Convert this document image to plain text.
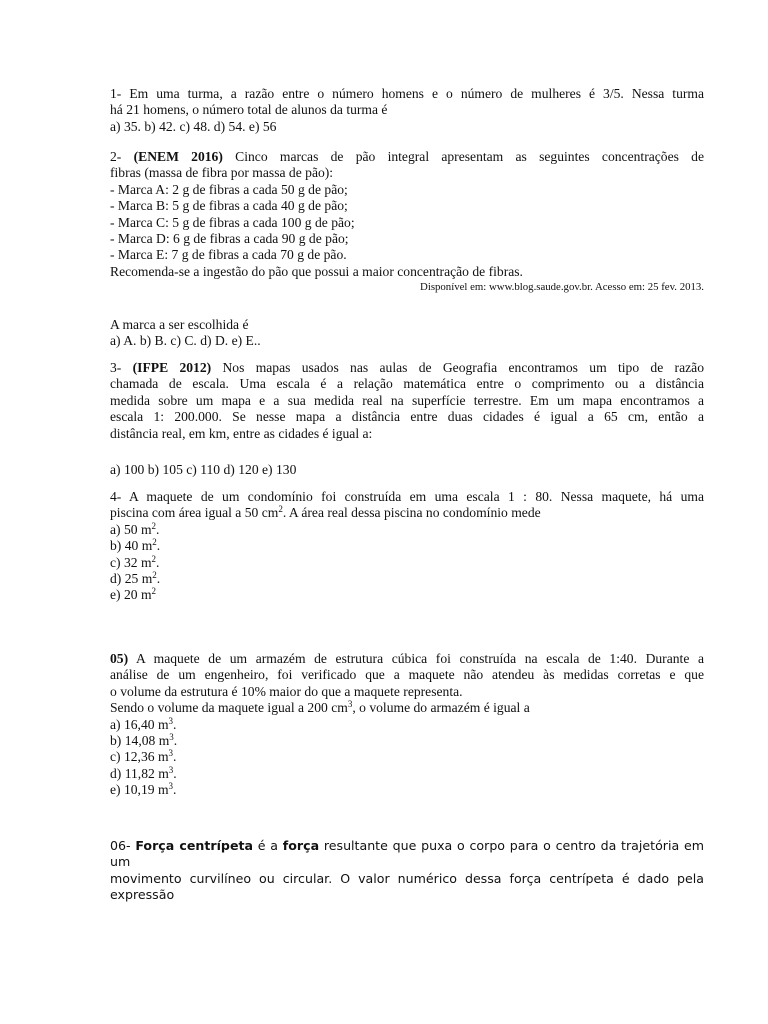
1- Em uma turma, a razão entre o número homens e o número de mulheres é 3/5. Nessa turma
há 21 homens, o número total de alunos da turma é
a) 35. b) 42. c) 48. d) 54. e) 56
2- (ENEM 2016) Cinco marcas de pão integral apresentam as seguintes concentrações de
fibras (massa de fibra por massa de pão):
- Marca A: 2 g de fibras a cada 50 g de pão;
- Marca B: 5 g de fibras a cada 40 g de pão;
- Marca C: 5 g de fibras a cada 100 g de pão;
- Marca D: 6 g de fibras a cada 90 g de pão;
- Marca E: 7 g de fibras a cada 70 g de pão.
Recomenda-se a ingestão do pão que possui a maior concentração de fibras.
Disponível em: www.blog.saude.gov.br. Acesso em: 25 fev. 2013.
A marca a ser escolhida é
a) A. b) B. c) C. d) D. e) E..
3- (IFPE 2012) Nos mapas usados nas aulas de Geografia encontramos um tipo de razão
chamada de escala. Uma escala é a relação matemática entre o comprimento ou a distância
medida sobre um mapa e a sua medida real na superfície terrestre. Em um mapa encontramos a
escala 1: 200.000. Se nesse mapa a distância entre duas cidades é igual a 65 cm, então a
distância real, em km, entre as cidades é igual a:
a) 100 b) 105 c) 110 d) 120 e) 130
4- A maquete de um condomínio foi construída em uma escala 1 : 80. Nessa maquete, há uma
piscina com área igual a 50 $cm^2$. A área real dessa piscina no condomínio mede
a) 50 $m^2$.
b) 40 $m^2$.
c) 32 $m^2$.
d) 25 $m^2$.
e) 20 $m^2$
05) A maquete de um armazém de estrutura cúbica foi construída na escala de 1:40. Durante a
análise de um engenheiro, foi verificado que a maquete não atendeu às medidas corretas e que
o volume da estrutura é 10% maior do que a maquete representa.
Sendo o volume da maquete igual a 200 $cm^3$, o volume do armazém é igual a
a) 16,40 $m^3$.
b) 14,08 $m^3$.
c) 12,36 $m^3$.
d) 11,82 $m^3$.
e) 10,19 $m^3$.
06- Força centrípeta é a força resultante que puxa o corpo para o centro da trajetória em um
movimento curvilíneo ou circular. O valor numérico dessa força centrípeta é dado pela
expressão
